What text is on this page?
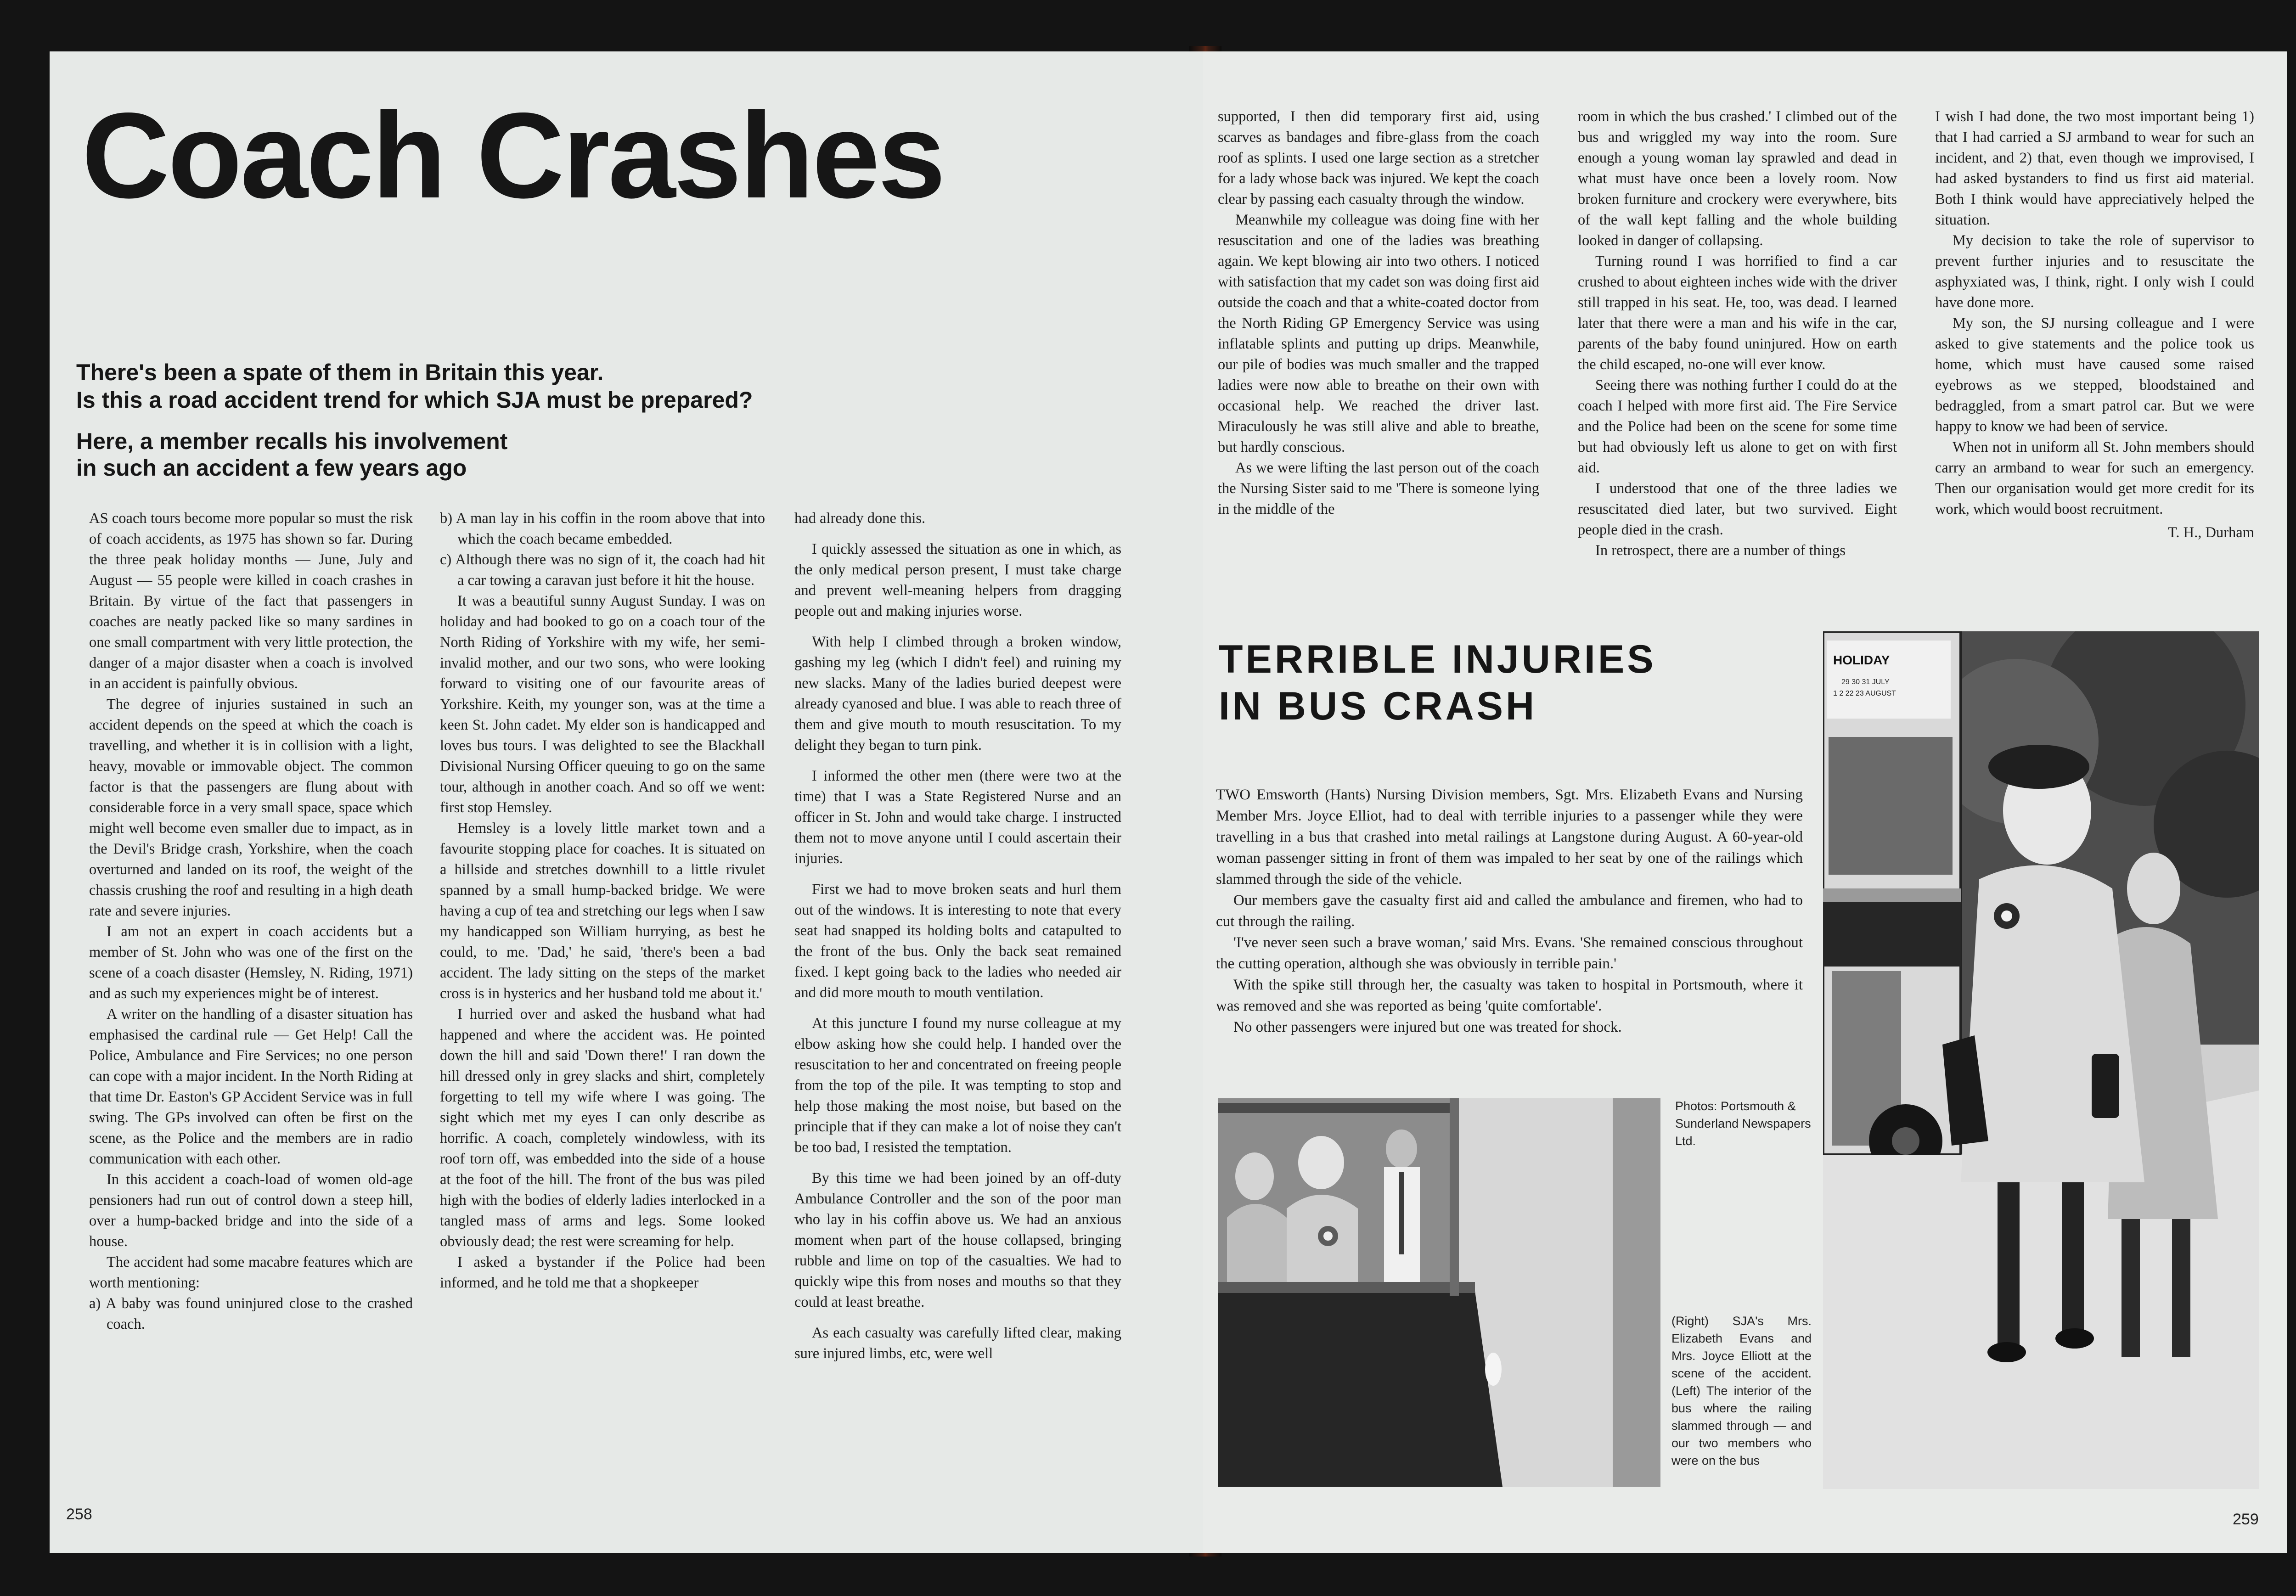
Coach Crashes
There's been a spate of them in Britain this year.
Is this a road accident trend for which SJA must be prepared?
Here, a member recalls his involvement
in such an accident a few years ago

AS coach tours become more popular so must the risk of coach accidents, as 1975 has shown so far. During the three peak holiday months — June, July and August — 55 people were killed in coach crashes in Britain. By virtue of the fact that passengers in coaches are neatly packed like so many sardines in one small compartment with very little protection, the danger of a major disaster when a coach is involved in an accident is painfully obvious.

The degree of injuries sustained in such an accident depends on the speed at which the coach is travelling, and whether it is in collision with a light, heavy, movable or immovable object. The common factor is that the passengers are flung about with considerable force in a very small space, space which might well become even smaller due to impact, as in the Devil's Bridge crash, Yorkshire, when the coach overturned and landed on its roof, the weight of the chassis crushing the roof and resulting in a high death rate and severe injuries.

I am not an expert in coach accidents but a member of St. John who was one of the first on the scene of a coach disaster (Hemsley, N. Riding, 1971) and as such my experiences might be of interest.

A writer on the handling of a disaster situation has emphasised the cardinal rule — Get Help! Call the Police, Ambulance and Fire Services; no one person can cope with a major incident. In the North Riding at that time Dr. Easton's GP Accident Service was in full swing. The GPs involved can often be first on the scene, as the Police and the members are in radio communication with each other.

In this accident a coach-load of women old-age pensioners had run out of control down a steep hill, over a hump-backed bridge and into the side of a house.

The accident had some macabre features which are worth mentioning:

a) A baby was found uninjured close to the crashed coach.

b) A man lay in his coffin in the room above that into which the coach became embedded.

c) Although there was no sign of it, the coach had hit a car towing a caravan just before it hit the house.

It was a beautiful sunny August Sunday. I was on holiday and had booked to go on a coach tour of the North Riding of Yorkshire with my wife, her semi-invalid mother, and our two sons, who were looking forward to visiting one of our favourite areas of Yorkshire. Keith, my younger son, was at the time a keen St. John cadet. My elder son is handicapped and loves bus tours. I was delighted to see the Blackhall Divisional Nursing Officer queuing to go on the same tour, although in another coach. And so off we went: first stop Hemsley.

Hemsley is a lovely little market town and a favourite stopping place for coaches. It is situated on a hillside and stretches downhill to a little rivulet spanned by a small hump-backed bridge. We were having a cup of tea and stretching our legs when I saw my handicapped son William hurrying, as best he could, to me. 'Dad,' he said, 'there's been a bad accident. The lady sitting on the steps of the market cross is in hysterics and her husband told me about it.'

I hurried over and asked the husband what had happened and where the accident was. He pointed down the hill and said 'Down there!' I ran down the hill dressed only in grey slacks and shirt, completely forgetting to tell my wife where I was going. The sight which met my eyes I can only describe as horrific. A coach, completely windowless, with its roof torn off, was embedded into the side of a house at the foot of the hill. The front of the bus was piled high with the bodies of elderly ladies interlocked in a tangled mass of arms and legs. Some looked obviously dead; the rest were screaming for help.

I asked a bystander if the Police had been informed, and he told me that a shopkeeper

had already done this.

I quickly assessed the situation as one in which, as the only medical person present, I must take charge and prevent well-meaning helpers from dragging people out and making injuries worse.

With help I climbed through a broken window, gashing my leg (which I didn't feel) and ruining my new slacks. Many of the ladies buried deepest were already cyanosed and blue. I was able to reach three of them and give mouth to mouth resuscitation. To my delight they began to turn pink.

I informed the other men (there were two at the time) that I was a State Registered Nurse and an officer in St. John and would take charge. I instructed them not to move anyone until I could ascertain their injuries.

First we had to move broken seats and hurl them out of the windows. It is interesting to note that every seat had snapped its holding bolts and catapulted to the front of the bus. Only the back seat remained fixed. I kept going back to the ladies who needed air and did more mouth to mouth ventilation.

At this juncture I found my nurse colleague at my elbow asking how she could help. I handed over the resuscitation to her and concentrated on freeing people from the top of the pile. It was tempting to stop and help those making the most noise, but based on the principle that if they can make a lot of noise they can't be too bad, I resisted the temptation.

By this time we had been joined by an off-duty Ambulance Controller and the son of the poor man who lay in his coffin above us. We had an anxious moment when part of the house collapsed, bringing rubble and lime on top of the casualties. We had to quickly wipe this from noses and mouths so that they could at least breathe.

As each casualty was carefully lifted clear, making sure injured limbs, etc, were well

258

supported, I then did temporary first aid, using scarves as bandages and fibre-glass from the coach roof as splints. I used one large section as a stretcher for a lady whose back was injured. We kept the coach clear by passing each casualty through the window.

Meanwhile my colleague was doing fine with her resuscitation and one of the ladies was breathing again. We kept blowing air into two others. I noticed with satisfaction that my cadet son was doing first aid outside the coach and that a white-coated doctor from the North Riding GP Emergency Service was using inflatable splints and putting up drips. Meanwhile, our pile of bodies was much smaller and the trapped ladies were now able to breathe on their own with occasional help. We reached the driver last. Miraculously he was still alive and able to breathe, but hardly conscious.

As we were lifting the last person out of the coach the Nursing Sister said to me 'There is someone lying in the middle of the

room in which the bus crashed.' I climbed out of the bus and wriggled my way into the room. Sure enough a young woman lay sprawled and dead in what must have once been a lovely room. Now broken furniture and crockery were everywhere, bits of the wall kept falling and the whole building looked in danger of collapsing.

Turning round I was horrified to find a car crushed to about eighteen inches wide with the driver still trapped in his seat. He, too, was dead. I learned later that there were a man and his wife in the car, parents of the baby found uninjured. How on earth the child escaped, no-one will ever know.

Seeing there was nothing further I could do at the coach I helped with more first aid. The Fire Service and the Police had been on the scene for some time but had obviously left us alone to get on with first aid.

I understood that one of the three ladies we resuscitated died later, but two survived. Eight people died in the crash.

In retrospect, there are a number of things

I wish I had done, the two most important being 1) that I had carried a SJ armband to wear for such an incident, and 2) that, even though we improvised, I had asked bystanders to find us first aid material. Both I think would have appreciatively helped the situation.

My decision to take the role of supervisor to prevent further injuries and to resuscitate the asphyxiated was, I think, right. I only wish I could have done more.

My son, the SJ nursing colleague and I were asked to give statements and the police took us home, which must have caused some raised eyebrows as we stepped, bloodstained and bedraggled, from a smart patrol car. But we were happy to know we had been of service.

When not in uniform all St. John members should carry an armband to wear for such an emergency. Then our organisation would get more credit for its work, which would boost recruitment.

T. H., Durham

TERRIBLE INJURIES
IN BUS CRASH

TWO Emsworth (Hants) Nursing Division members, Sgt. Mrs. Elizabeth Evans and Nursing Member Mrs. Joyce Elliot, had to deal with terrible injuries to a passenger while they were travelling in a bus that crashed into metal railings at Langstone during August. A 60-year-old woman passenger sitting in front of them was impaled to her seat by one of the railings which slammed through the side of the vehicle.

Our members gave the casualty first aid and called the ambulance and firemen, who had to cut through the railing.

'I've never seen such a brave woman,' said Mrs. Evans. 'She remained conscious throughout the cutting operation, although she was obviously in terrible pain.'

With the spike still through her, the casualty was taken to hospital in Portsmouth, where it was removed and she was reported as being 'quite comfortable'.

No other passengers were injured but one was treated for shock.

Photos: Portsmouth & Sunderland Newspapers Ltd.
(Right) SJA's Mrs. Elizabeth Evans and Mrs. Joyce Elliott at the scene of the accident. (Left) The interior of the bus where the railing slammed through — and our two members who were on the bus
HOLIDAY
29 30 31 JULY
1 2 22 23 AUGUST
259
